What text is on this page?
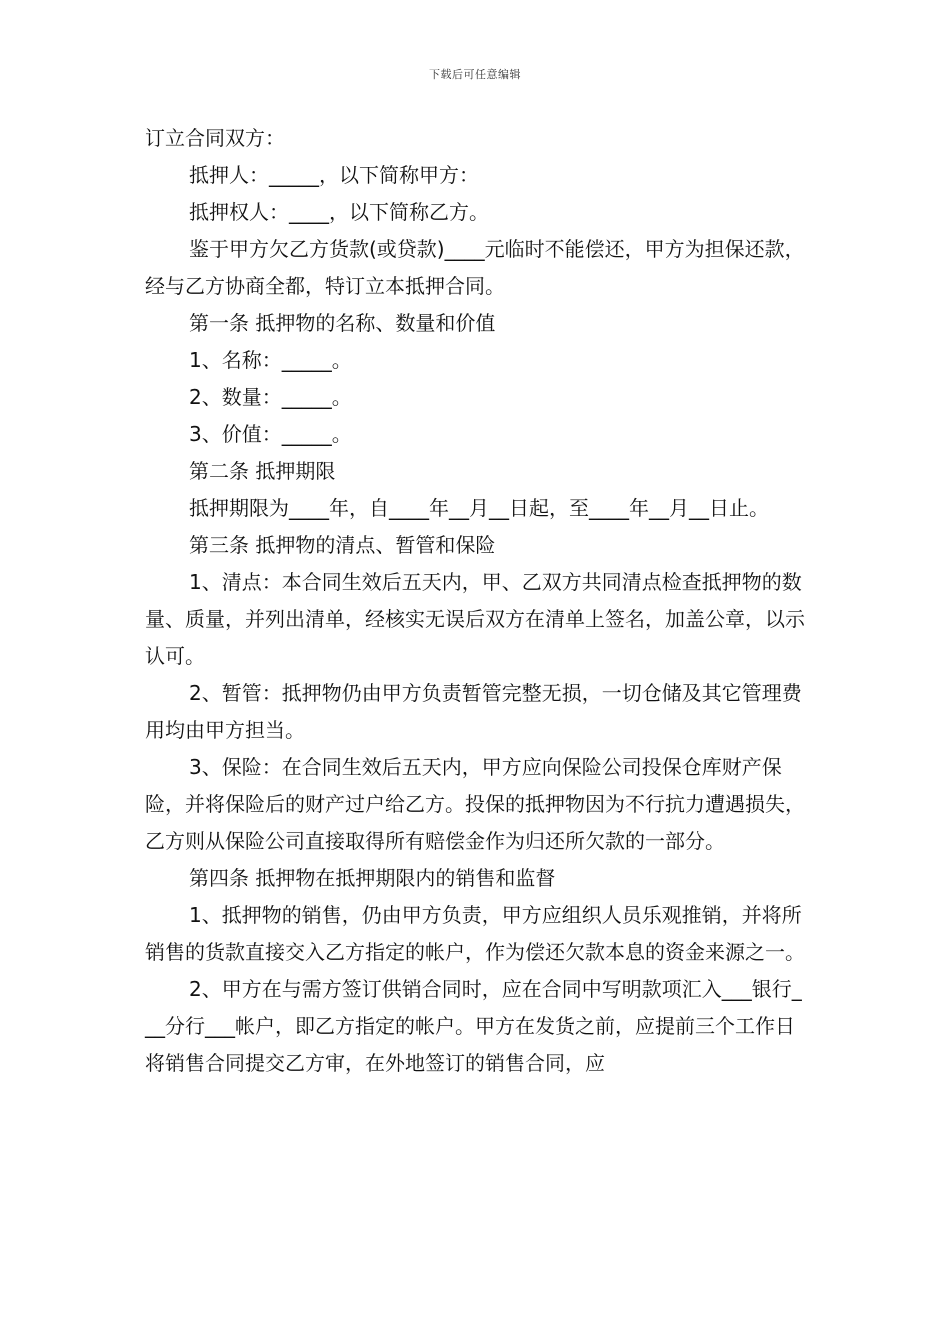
下载后可任意编辑

订立合同双方：

抵押人：_____，以下简称甲方：

抵押权人：____，以下简称乙方。

鉴于甲方欠乙方货款(或贷款)____元临时不能偿还，甲方为担保还款，经与乙方协商全都，特订立本抵押合同。

第一条 抵押物的名称、数量和价值

1、名称：_____。

2、数量：_____。

3、价值：_____。

第二条 抵押期限

抵押期限为____年，自____年__月__日起，至____年__月__日止。

第三条 抵押物的清点、暂管和保险

1、清点：本合同生效后五天内，甲、乙双方共同清点检查抵押物的数量、质量，并列出清单，经核实无误后双方在清单上签名，加盖公章，以示认可。

2、暂管：抵押物仍由甲方负责暂管完整无损，一切仓储及其它管理费用均由甲方担当。

3、保险：在合同生效后五天内，甲方应向保险公司投保仓库财产保险，并将保险后的财产过户给乙方。投保的抵押物因为不行抗力遭遇损失，乙方则从保险公司直接取得所有赔偿金作为归还所欠款的一部分。

第四条 抵押物在抵押期限内的销售和监督

1、抵押物的销售，仍由甲方负责，甲方应组织人员乐观推销，并将所销售的货款直接交入乙方指定的帐户，作为偿还欠款本息的资金来源之一。

2、甲方在与需方签订供销合同时，应在合同中写明款项汇入___银行___分行___帐户，即乙方指定的帐户。甲方在发货之前，应提前三个工作日将销售合同提交乙方审，在外地签订的销售合同，应
